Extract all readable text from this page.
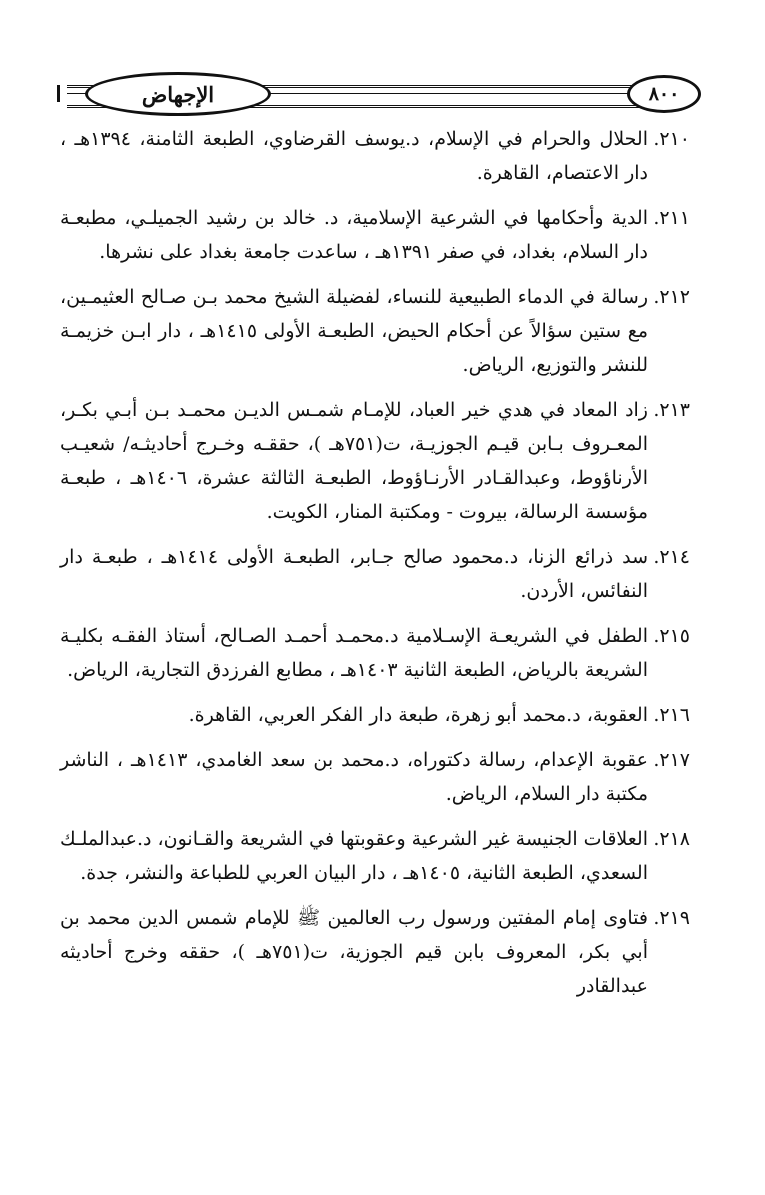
الإجهاض	٨٠٠
٢١٠.
الحلال والحرام في الإسلام، د.يوسف القرضاوي، الطبعة الثامنة، ١٣٩٤هـ ، دار الاعتصام، القاهرة.
٢١١.
الدية وأحكامها في الشرعية الإسلامية، د. خالد بن رشيد الجميلـي، مطبعـة دار السلام، بغداد، في صفر ١٣٩١هـ ، ساعدت جامعة بغداد على نشرها.
٢١٢.
رسالة في الدماء الطبيعية للنساء، لفضيلة الشيخ محمد بـن صـالح العثيمـين، مع ستين سؤالاً عن أحكام الحيض، الطبعـة الأولى ١٤١٥هـ ، دار ابـن خزيمـة للنشر والتوزيع، الرياض.
٢١٣.
زاد المعاد في هدي خير العباد، للإمـام شمـس الديـن محمـد بـن أبـي بكـر، المعـروف بـابن قيـم الجوزيـة، ت(٧٥١هـ )، حققـه وخـرج أحاديثـه/ شعيـب الأرناؤوط، وعبدالقـادر الأرنـاؤوط، الطبعـة الثالثة عشرة، ١٤٠٦هـ ، طبعـة مؤسسة الرسالة، بيروت - ومكتبة المنار، الكويت.
٢١٤.
سد ذرائع الزنا، د.محمود صالح جـابر، الطبعـة الأولى ١٤١٤هـ ، طبعـة دار النفائس، الأردن.
٢١٥.
الطفل في الشريعـة الإسـلامية د.محمـد أحمـد الصـالح، أستاذ الفقـه بكليـة الشريعة بالرياض، الطبعة الثانية ١٤٠٣هـ ، مطابع الفرزدق التجارية، الرياض.
٢١٦.
العقوبة، د.محمد أبو زهرة، طبعة دار الفكر العربي، القاهرة.
٢١٧.
عقوبة الإعدام، رسالة دكتوراه، د.محمد بن سعد الغامدي، ١٤١٣هـ ، الناشر مكتبة دار السلام، الرياض.
٢١٨.
العلاقات الجنيسة غير الشرعية وعقوبتها في الشريعة والقـانون، د.عبدالملـك السعدي، الطبعة الثانية، ١٤٠٥هـ ، دار البيان العربي للطباعة والنشر، جدة.
٢١٩.
فتاوى إمام المفتين ورسول رب العالمين ﷺ للإمام شمس الدين محمد بن أبي بكر، المعروف بابن قيم الجوزية، ت(٧٥١هـ )، حققه وخرج أحاديثه عبدالقادر
